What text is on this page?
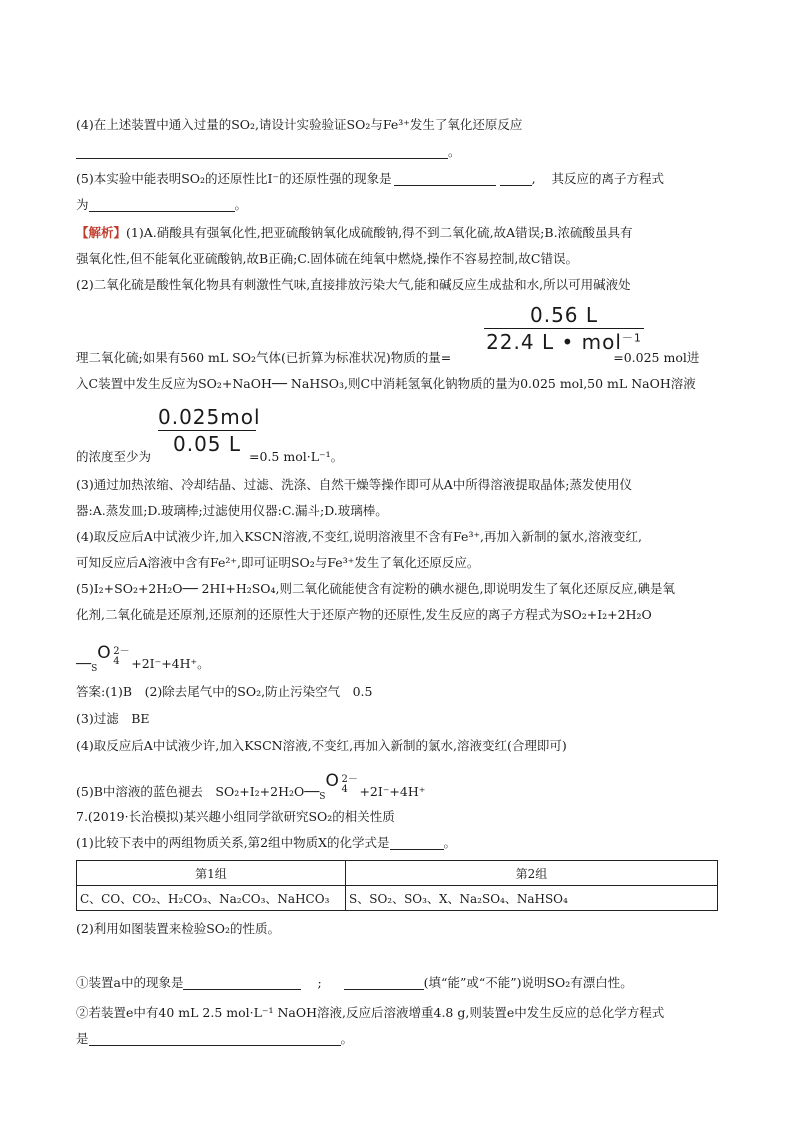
(4)在上述装置中通入过量的SO₂,请设计实验验证SO₂与Fe³⁺发生了氧化还原反应
。
(5)本实验中能表明SO₂的还原性比I⁻的还原性强的现象是	, 其反应的离子方程式
为	。
【解析】(1)A.硝酸具有强氧化性,把亚硫酸钠氧化成硫酸钠,得不到二氧化硫,故A错误;B.浓硫酸虽具有
强氧化性,但不能氧化亚硫酸钠,故B正确;C.固体硫在纯氧中燃烧,操作不容易控制,故C错误。
(2)二氧化硫是酸性氧化物具有刺激性气味,直接排放污染大气,能和碱反应生成盐和水,所以可用碱液处
0.56 L
22.4 L • mol$^{-1}$
理二氧化硫;如果有560 mL SO₂气体(已折算为标准状况)物质的量=	=0.025 mol进
入C装置中发生反应为SO₂+NaOH── NaHSO₃,则C中消耗氢氧化钠物质的量为0.025 mol,50 mL NaOH溶液
0.025mol
0.05 L
的浓度至少为	=0.5 mol·L⁻¹。
(3)通过加热浓缩、冷却结晶、过滤、洗涤、自然干燥等操作即可从A中所得溶液提取晶体;蒸发使用仪
器:A.蒸发皿;D.玻璃棒;过滤使用仪器:C.漏斗;D.玻璃棒。
(4)取反应后A中试液少许,加入KSCN溶液,不变红,说明溶液里不含有Fe³⁺,再加入新制的氯水,溶液变红,
可知反应后A溶液中含有Fe²⁺,即可证明SO₂与Fe³⁺发生了氧化还原反应。
(5)I₂+SO₂+2H₂O── 2HI+H₂SO₄,则二氧化硫能使含有淀粉的碘水褪色,即说明发生了氧化还原反应,碘是氧
化剂,二氧化硫是还原剂,还原剂的还原性大于还原产物的还原性,发生反应的离子方程式为SO₂+I₂+2H₂O
$──_S$
O 2－
4 +2I⁻+4H⁺。
答案:(1)B　(2)除去尾气中的SO₂,防止污染空气　0.5
(3)过滤　BE
(4)取反应后A中试液少许,加入KSCN溶液,不变红,再加入新制的氯水,溶液变红(合理即可)
(5)B中溶液的蓝色褪去　$SO_2+I_2+2H_2O──_S$
O 2－
4 +2I⁻+4H⁺
7.(2019·长治模拟)某兴趣小组同学欲研究SO₂的相关性质
(1)比较下表中的两组物质关系,第2组中物质X的化学式是	。
第1组	第2组
C、CO、CO₂、H₂CO₃、Na₂CO₃、NaHCO₃	S、SO₂、SO₃、X、Na₂SO₄、NaHSO₄
(2)利用如图装置来检验SO₂的性质。
①装置a中的现象是	;	(填“能”或“不能”)说明SO₂有漂白性。
②若装置e中有40 mL 2.5 mol·L⁻¹ NaOH溶液,反应后溶液增重4.8 g,则装置e中发生反应的总化学方程式
是	。
